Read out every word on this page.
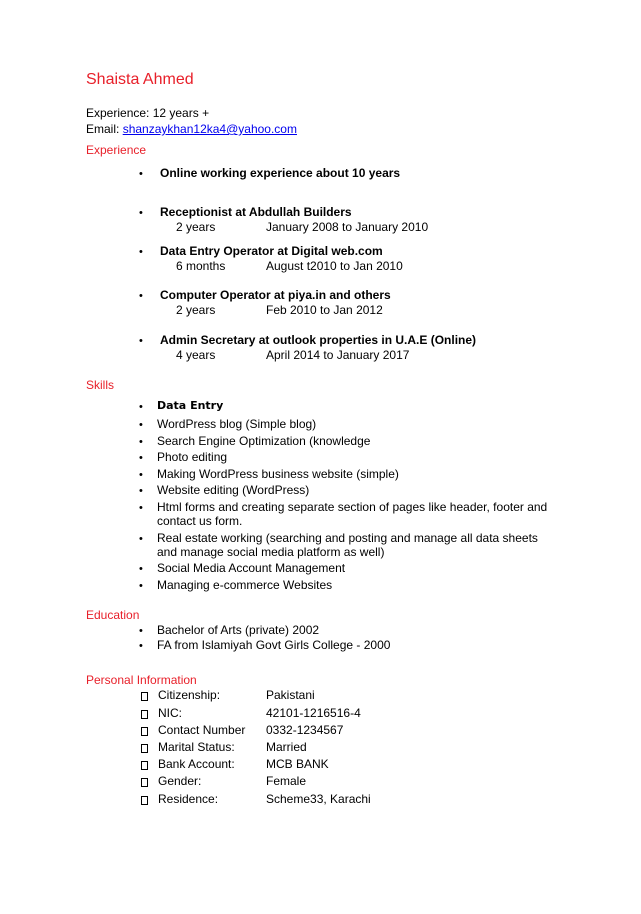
Shaista Ahmed
Experience: 12 years +
Email: shanzaykhan12ka4@yahoo.com
Experience
• Online working experience about 10 years
• Receptionist at Abdullah Builders
2 years	January 2008 to January 2010
• Data Entry Operator at Digital web.com
6 months	August t2010 to Jan 2010
• Computer Operator at piya.in and others
2 years	Feb 2010 to Jan 2012
• Admin Secretary at outlook properties in U.A.E (Online)
4 years	April 2014 to January 2017
Skills
• Data Entry
• WordPress blog (Simple blog)
• Search Engine Optimization (knowledge
• Photo editing
• Making WordPress business website (simple)
• Website editing (WordPress)
• Html forms and creating separate section of pages like header, footer and
contact us form.
• Real estate working (searching and posting and manage all data sheets
and manage social media platform as well)
• Social Media Account Management
• Managing e-commerce Websites
Education
• Bachelor of Arts (private) 2002
• FA from Islamiyah Govt Girls College - 2000
Personal Information
Citizenship:	Pakistani
NIC:	42101-1216516-4
Contact Number 0332-1234567
Marital Status:	Married
Bank Account:	MCB BANK
Gender:	Female
Residence:	Scheme33, Karachi
